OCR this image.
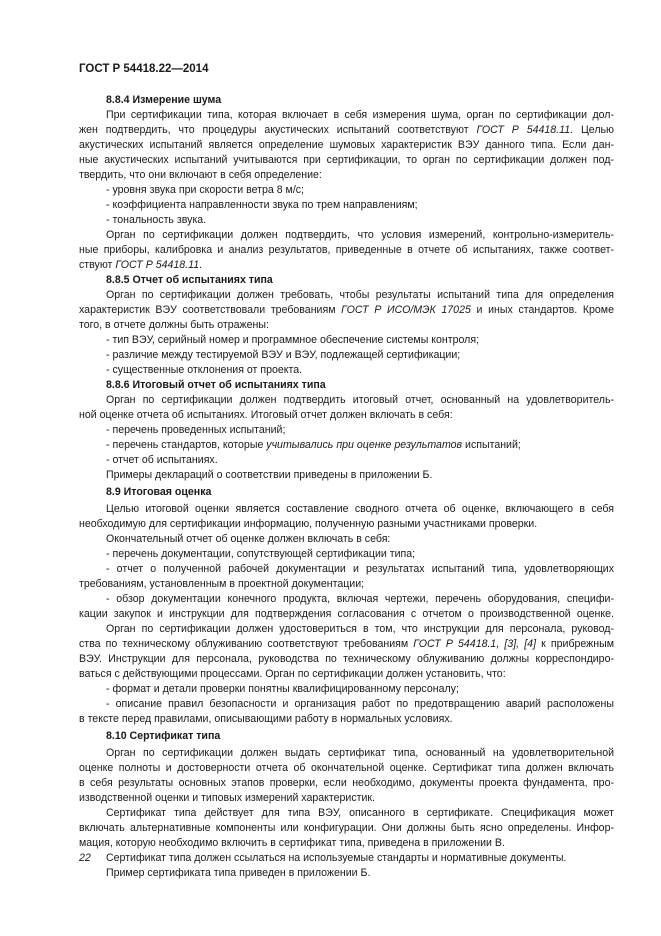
ГОСТ Р 54418.22—2014
8.8.4 Измерение шума
При сертификации типа, которая включает в себя измерения шума, орган по сертификации дол-
жен подтвердить, что процедуры акустических испытаний соответствуют ГОСТ Р 54418.11. Целью
акустических испытаний является определение шумовых характеристик ВЭУ данного типа. Если дан-
ные акустических испытаний учитываются при сертификации, то орган по сертификации должен под-
твердить, что они включают в себя определение:
- уровня звука при скорости ветра 8 м/с;
- коэффициента направленности звука по трем направлениям;
- тональность звука.
Орган по сертификации должен подтвердить, что условия измерений, контрольно-измеритель-
ные приборы, калибровка и анализ результатов, приведенные в отчете об испытаниях, также соответ-
ствуют ГОСТ Р 54418.11.
8.8.5 Отчет об испытаниях типа
Орган по сертификации должен требовать, чтобы результаты испытаний типа для определения
характеристик ВЭУ соответствовали требованиям ГОСТ Р ИСО/МЭК 17025 и иных стандартов. Кроме
того, в отчете должны быть отражены:
- тип ВЭУ, серийный номер и программное обеспечение системы контроля;
- различие между тестируемой ВЭУ и ВЭУ, подлежащей сертификации;
- существенные отклонения от проекта.
8.8.6 Итоговый отчет об испытаниях типа
Орган по сертификации должен подтвердить итоговый отчет, основанный на удовлетворитель-
ной оценке отчета об испытаниях. Итоговый отчет должен включать в себя:
- перечень проведенных испытаний;
- перечень стандартов, которые учитывались при оценке результатов испытаний;
- отчет об испытаниях.
Примеры деклараций о соответствии приведены в приложении Б.
8.9 Итоговая оценка
Целью итоговой оценки является составление сводного отчета об оценке, включающего в себя
необходимую для сертификации информацию, полученную разными участниками проверки.
Окончательный отчет об оценке должен включать в себя:
- перечень документации, сопутствующей сертификации типа;
- отчет о полученной рабочей документации и результатах испытаний типа, удовлетворяющих
требованиям, установленным в проектной документации;
- обзор документации конечного продукта, включая чертежи, перечень оборудования, специфи-
кации закупок и инструкции для подтверждения согласования с отчетом о производственной оценке.
Орган по сертификации должен удостовериться в том, что инструкции для персонала, руковод-
ства по техническому облуживанию соответствуют требованиям ГОСТ Р 54418.1, [3], [4] к прибрежным
ВЭУ. Инструкции для персонала, руководства по техническому облуживанию должны корреспондиро-
ваться с действующими процессами. Орган по сертификации должен установить, что:
- формат и детали проверки понятны квалифицированному персоналу;
- описание правил безопасности и организация работ по предотвращению аварий расположены
в тексте перед правилами, описывающими работу в нормальных условиях.
8.10 Сертификат типа
Орган по сертификации должен выдать сертификат типа, основанный на удовлетворительной
оценке полноты и достоверности отчета об окончательной оценке. Сертификат типа должен включать
в себя результаты основных этапов проверки, если необходимо, документы проекта фундамента, про-
изводственной оценки и типовых измерений характеристик.
Сертификат типа действует для типа ВЭУ, описанного в сертификате. Спецификация может
включать альтернативные компоненты или конфигурации. Они должны быть ясно определены. Инфор-
мация, которую необходимо включить в сертификат типа, приведена в приложении В.
Сертификат типа должен ссылаться на используемые стандарты и нормативные документы.
Пример сертификата типа приведен в приложении Б.
22
